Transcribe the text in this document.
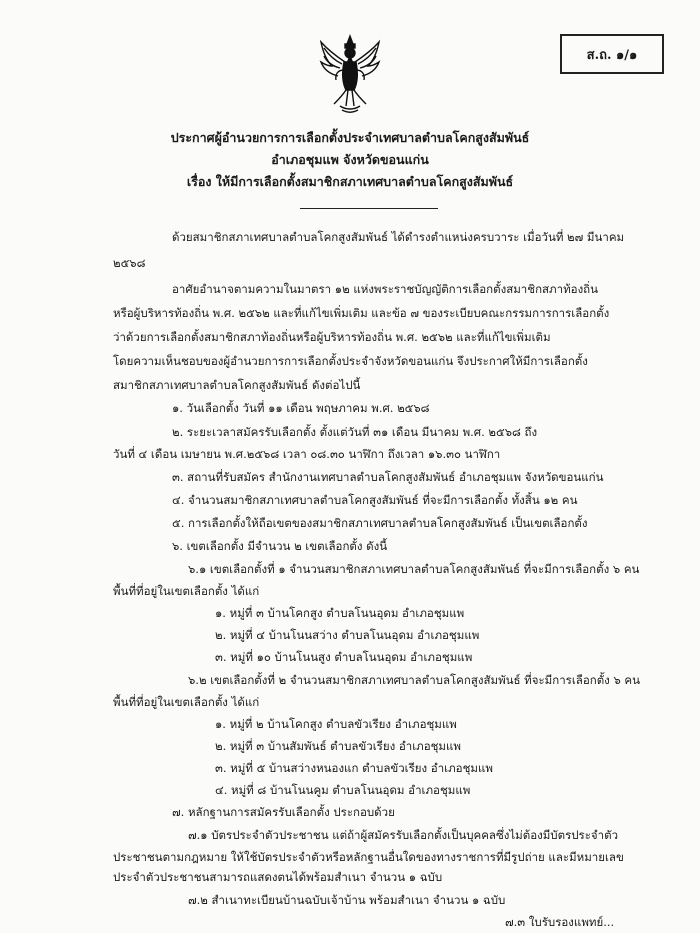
ส.ถ. ๑/๑
ประกาศผู้อำนวยการการเลือกตั้งประจำเทศบาลตำบลโคกสูงสัมพันธ์
อำเภอชุมแพ จังหวัดขอนแก่น
เรื่อง ให้มีการเลือกตั้งสมาชิกสภาเทศบาลตำบลโคกสูงสัมพันธ์
ด้วยสมาชิกสภาเทศบาลตำบลโคกสูงสัมพันธ์ ได้ดำรงตำแหน่งครบวาระ เมื่อวันที่ ๒๗ มีนาคม
๒๕๖๘
อาศัยอำนาจตามความในมาตรา ๑๒ แห่งพระราชบัญญัติการเลือกตั้งสมาชิกสภาท้องถิ่น
หรือผู้บริหารท้องถิ่น พ.ศ. ๒๕๖๒ และที่แก้ไขเพิ่มเติม และข้อ ๗ ของระเบียบคณะกรรมการการเลือกตั้ง
ว่าด้วยการเลือกตั้งสมาชิกสภาท้องถิ่นหรือผู้บริหารท้องถิ่น พ.ศ. ๒๕๖๒ และที่แก้ไขเพิ่มเติม
โดยความเห็นชอบของผู้อำนวยการการเลือกตั้งประจำจังหวัดขอนแก่น จึงประกาศให้มีการเลือกตั้ง
สมาชิกสภาเทศบาลตำบลโคกสูงสัมพันธ์ ดังต่อไปนี้
๑. วันเลือกตั้ง วันที่ ๑๑ เดือน พฤษภาคม พ.ศ. ๒๕๖๘
๒. ระยะเวลาสมัครรับเลือกตั้ง ตั้งแต่วันที่ ๓๑ เดือน มีนาคม พ.ศ. ๒๕๖๘ ถึง
วันที่ ๔ เดือน เมษายน พ.ศ.๒๕๖๘ เวลา ๐๘.๓๐ นาฬิกา ถึงเวลา ๑๖.๓๐ นาฬิกา
๓. สถานที่รับสมัคร สำนักงานเทศบาลตำบลโคกสูงสัมพันธ์ อำเภอชุมแพ จังหวัดขอนแก่น
๔. จำนวนสมาชิกสภาเทศบาลตำบลโคกสูงสัมพันธ์ ที่จะมีการเลือกตั้ง ทั้งสิ้น ๑๒ คน
๕. การเลือกตั้งให้ถือเขตของสมาชิกสภาเทศบาลตำบลโคกสูงสัมพันธ์ เป็นเขตเลือกตั้ง
๖. เขตเลือกตั้ง มีจำนวน ๒ เขตเลือกตั้ง ดังนี้
๖.๑ เขตเลือกตั้งที่ ๑ จำนวนสมาชิกสภาเทศบาลตำบลโคกสูงสัมพันธ์ ที่จะมีการเลือกตั้ง ๖ คน
พื้นที่ที่อยู่ในเขตเลือกตั้ง ได้แก่
๑. หมู่ที่ ๓ บ้านโคกสูง ตำบลโนนอุดม อำเภอชุมแพ
๒. หมู่ที่ ๔ บ้านโนนสว่าง ตำบลโนนอุดม อำเภอชุมแพ
๓. หมู่ที่ ๑๐ บ้านโนนสูง ตำบลโนนอุดม อำเภอชุมแพ
๖.๒ เขตเลือกตั้งที่ ๒ จำนวนสมาชิกสภาเทศบาลตำบลโคกสูงสัมพันธ์ ที่จะมีการเลือกตั้ง ๖ คน
พื้นที่ที่อยู่ในเขตเลือกตั้ง ได้แก่
๑. หมู่ที่ ๒ บ้านโคกสูง ตำบลขัวเรียง อำเภอชุมแพ
๒. หมู่ที่ ๓ บ้านสัมพันธ์ ตำบลขัวเรียง อำเภอชุมแพ
๓. หมู่ที่ ๕ บ้านสว่างหนองแก ตำบลขัวเรียง อำเภอชุมแพ
๔. หมู่ที่ ๘ บ้านโนนคูม ตำบลโนนอุดม อำเภอชุมแพ
๗. หลักฐานการสมัครรับเลือกตั้ง ประกอบด้วย
๗.๑ บัตรประจำตัวประชาชน แต่ถ้าผู้สมัครรับเลือกตั้งเป็นบุคคลซึ่งไม่ต้องมีบัตรประจำตัว
ประชาชนตามกฎหมาย ให้ใช้บัตรประจำตัวหรือหลักฐานอื่นใดของทางราชการที่มีรูปถ่าย และมีหมายเลข
ประจำตัวประชาชนสามารถแสดงตนได้พร้อมสำเนา จำนวน ๑ ฉบับ
๗.๒ สำเนาทะเบียนบ้านฉบับเจ้าบ้าน พร้อมสำเนา จำนวน ๑ ฉบับ
๗.๓ ใบรับรองแพทย์...
